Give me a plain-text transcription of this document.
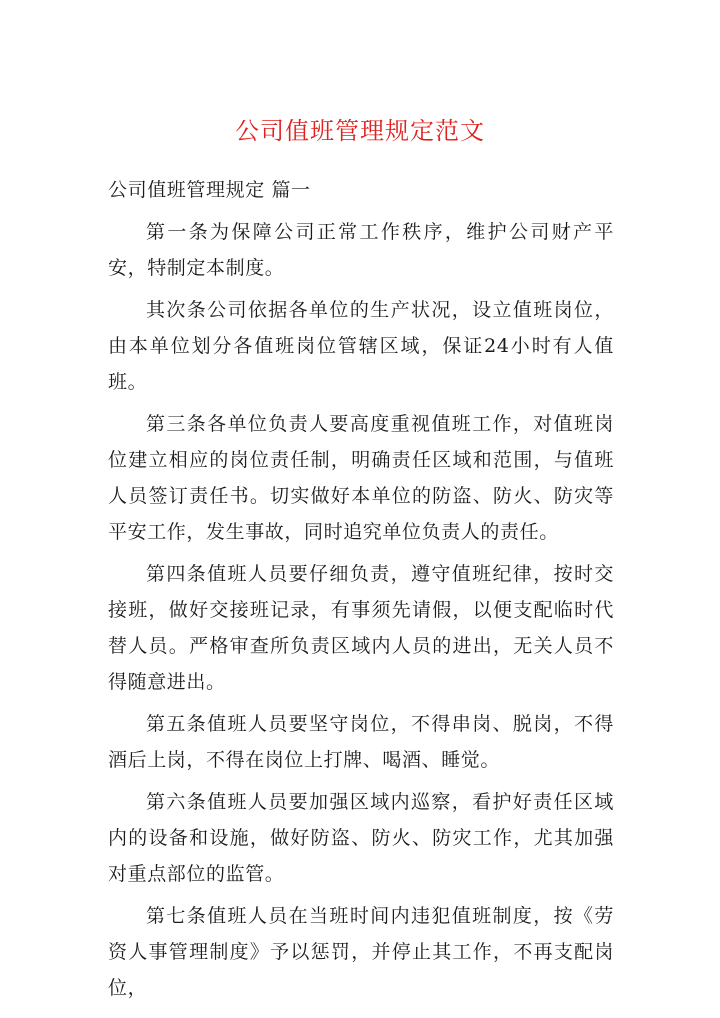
公司值班管理规定范文

公司值班管理规定 篇一

第一条为保障公司正常工作秩序，维护公司财产平安，特制定本制度。

其次条公司依据各单位的生产状况，设立值班岗位，由本单位划分各值班岗位管辖区域，保证24小时有人值班。

第三条各单位负责人要高度重视值班工作，对值班岗位建立相应的岗位责任制，明确责任区域和范围，与值班人员签订责任书。切实做好本单位的防盗、防火、防灾等平安工作，发生事故，同时追究单位负责人的责任。

第四条值班人员要仔细负责，遵守值班纪律，按时交接班，做好交接班记录，有事须先请假，以便支配临时代替人员。严格审查所负责区域内人员的进出，无关人员不得随意进出。

第五条值班人员要坚守岗位，不得串岗、脱岗，不得酒后上岗，不得在岗位上打牌、喝酒、睡觉。

第六条值班人员要加强区域内巡察，看护好责任区域内的设备和设施，做好防盗、防火、防灾工作，尤其加强对重点部位的监管。

第七条值班人员在当班时间内违犯值班制度，按《劳资人事管理制度》予以惩罚，并停止其工作，不再支配岗位，
